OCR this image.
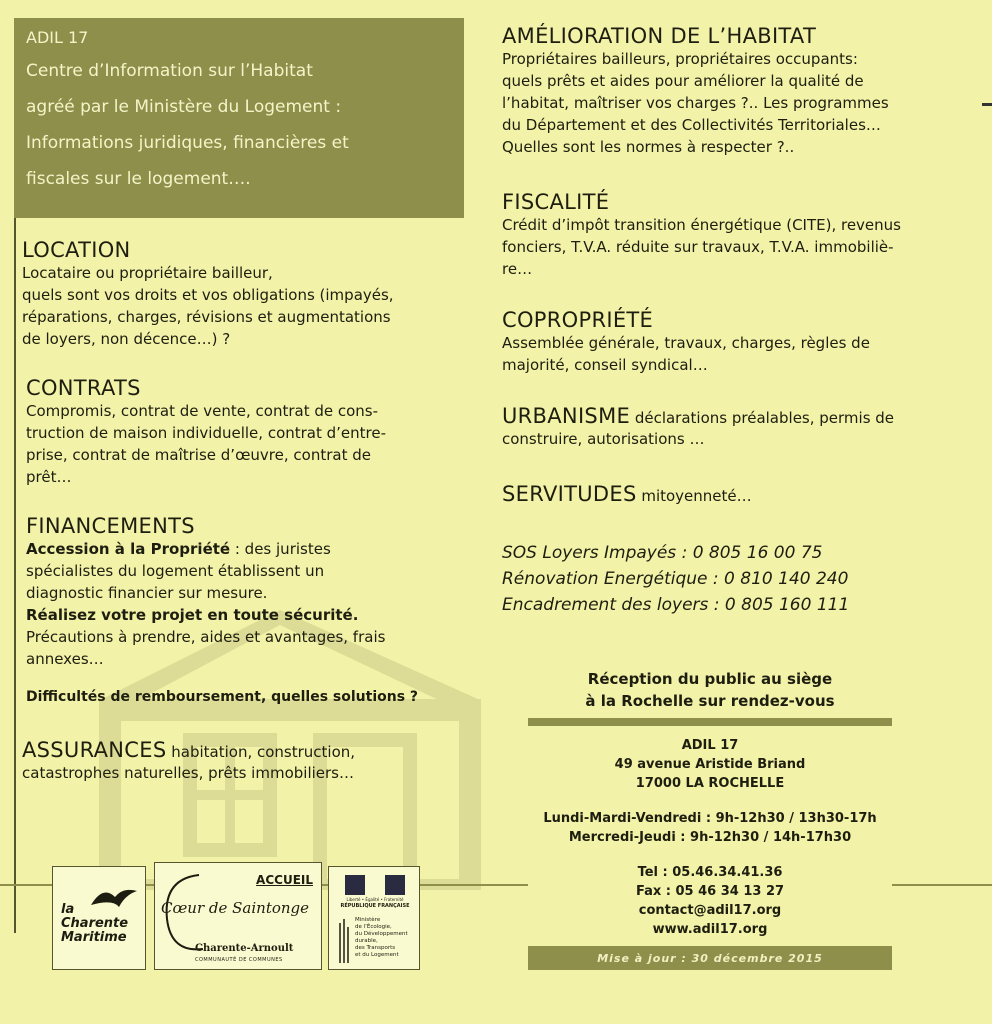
ADIL 17
Centre d’Information sur l’Habitat
agréé par le Ministère du Logement :
Informations juridiques, financières et
fiscales sur le logement….
LOCATION
Locataire ou propriétaire bailleur,
quels sont vos droits et vos obligations (impayés,
réparations, charges, révisions et augmentations
de loyers, non décence…) ?
CONTRATS
Compromis, contrat de vente, contrat de cons-
truction de maison individuelle, contrat d’entre-
prise, contrat de maîtrise d’œuvre, contrat de
prêt…
FINANCEMENTS
Accession à la Propriété : des juristes
spécialistes du logement établissent un
diagnostic financier sur mesure.
Réalisez votre projet en toute sécurité.
Précautions à prendre, aides et avantages, frais
annexes…
Difficultés de remboursement, quelles solutions ?
ASSURANCES habitation, construction,
catastrophes naturelles, prêts immobiliers…
AMÉLIORATION DE L’HABITAT
Propriétaires bailleurs, propriétaires occupants:
quels prêts et aides pour améliorer la qualité de
l’habitat, maîtriser vos charges ?.. Les programmes
du Département et des Collectivités Territoriales…
Quelles sont les normes à respecter ?..
FISCALITÉ
Crédit d’impôt transition énergétique (CITE), revenus
fonciers, T.V.A. réduite sur travaux, T.V.A. immobiliè-
re…
COPROPRIÉTÉ
Assemblée générale, travaux, charges, règles de
majorité, conseil syndical…
URBANISME déclarations préalables, permis de
construire, autorisations …
SERVITUDES mitoyenneté…
SOS Loyers Impayés : 0 805 16 00 75
Rénovation Energétique : 0 810 140 240
Encadrement des loyers : 0 805 160 111
Réception du public au siège
à la Rochelle sur rendez-vous
ADIL 17
49 avenue Aristide Briand
17000 LA ROCHELLE
Lundi-Mardi-Vendredi : 9h-12h30 / 13h30-17h
Mercredi-Jeudi : 9h-12h30 / 14h-17h30
Tel : 05.46.34.41.36
Fax : 05 46 34 13 27
contact@adil17.org
www.adil17.org
Mise à jour : 30 décembre 2015
la
Charente
Maritime
ACCUEIL
Cœur de Saintonge
Charente-Arnoult
COMMUNAUTÉ DE COMMUNES
Liberté • Égalité • Fraternité
RÉPUBLIQUE FRANÇAISE
Ministère
de l’Écologie,
du Développement
durable,
des Transports
et du Logement
